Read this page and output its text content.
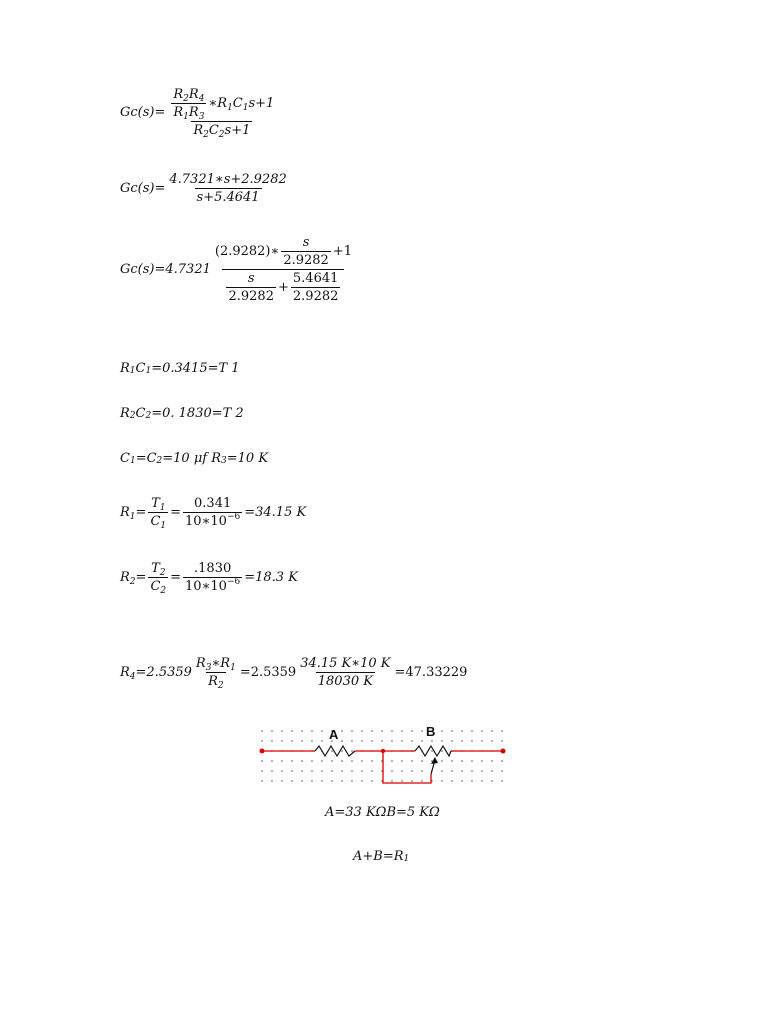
$Gc(s)= \frac{\frac{R_2R_4}{R_1R_3} ∗R_1C_1s+1}{R_2C_2s+1}$
$Gc(s)= \frac{4.7321∗s+2.9282}{s+5.4641}$
Gc(s)=4.7321
(2.9282)∗ $\frac{s}{2.9282} +1$
$\frac{s}{2.9282} + \frac{5.4641}{2.9282}$
R 1 C 1 =0.3415=T 1
R 2 C 2 =0. 1830=T 2
C 1 =C 2 =10 μf R 3 =10 K
$R_1= \frac{T_1}{C_1} = \frac{0.341}{10∗10^{-6}} =34.15$ K
$R_2= \frac{T_2}{C_2} = \frac{.1830}{10∗10^{-6}} =18.3$ K
$R_4=2.5359 \frac{R_3∗R_1}{R_2} =2.5359 \frac{34.15 K∗10 K}{18030 K} =47.33229$
A	B
A=33 KΩB=5 KΩ
A+B=R 1
